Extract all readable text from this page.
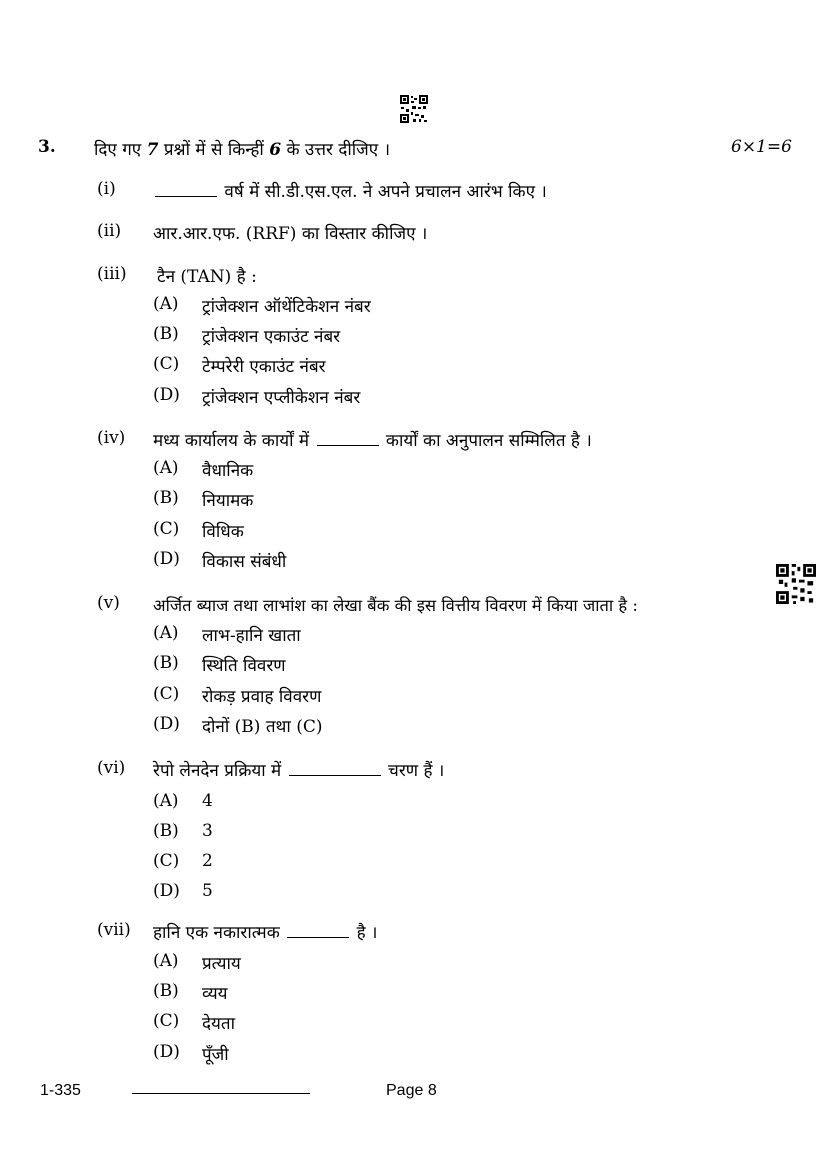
3. दिए गए 7 प्रश्नों में से किन्हीं 6 के उत्तर दीजिए ।	6×1=6
(i)	वर्ष में सी.डी.एस.एल. ने अपने प्रचालन आरंभ किए ।
(ii) आर.आर.एफ. (RRF) का विस्तार कीजिए ।
(iii) टैन (TAN) है :
(A) ट्रांजेक्शन ऑथेंटिकेशन नंबर
(B) ट्रांजेक्शन एकाउंट नंबर
(C) टेम्परेरी एकाउंट नंबर
(D) ट्रांजेक्शन एप्लीकेशन नंबर
(iv) मध्य कार्यालय के कार्यों में	कार्यों का अनुपालन सम्मिलित है ।
(A) वैधानिक
(B) नियामक
(C) विधिक
(D) विकास संबंधी
(v) अर्जित ब्याज तथा लाभांश का लेखा बैंक की इस वित्तीय विवरण में किया जाता है :
(A) लाभ-हानि खाता
(B) स्थिति विवरण
(C) रोकड़ प्रवाह विवरण
(D) दोनों (B) तथा (C)
(vi) रेपो लेनदेन प्रक्रिया में	चरण हैं ।
(A) 4
(B) 3
(C) 2
(D) 5
(vii) हानि एक नकारात्मक	है ।
(A) प्रत्याय
(B) व्यय
(C) देयता
(D) पूँजी
1-335	Page 8
